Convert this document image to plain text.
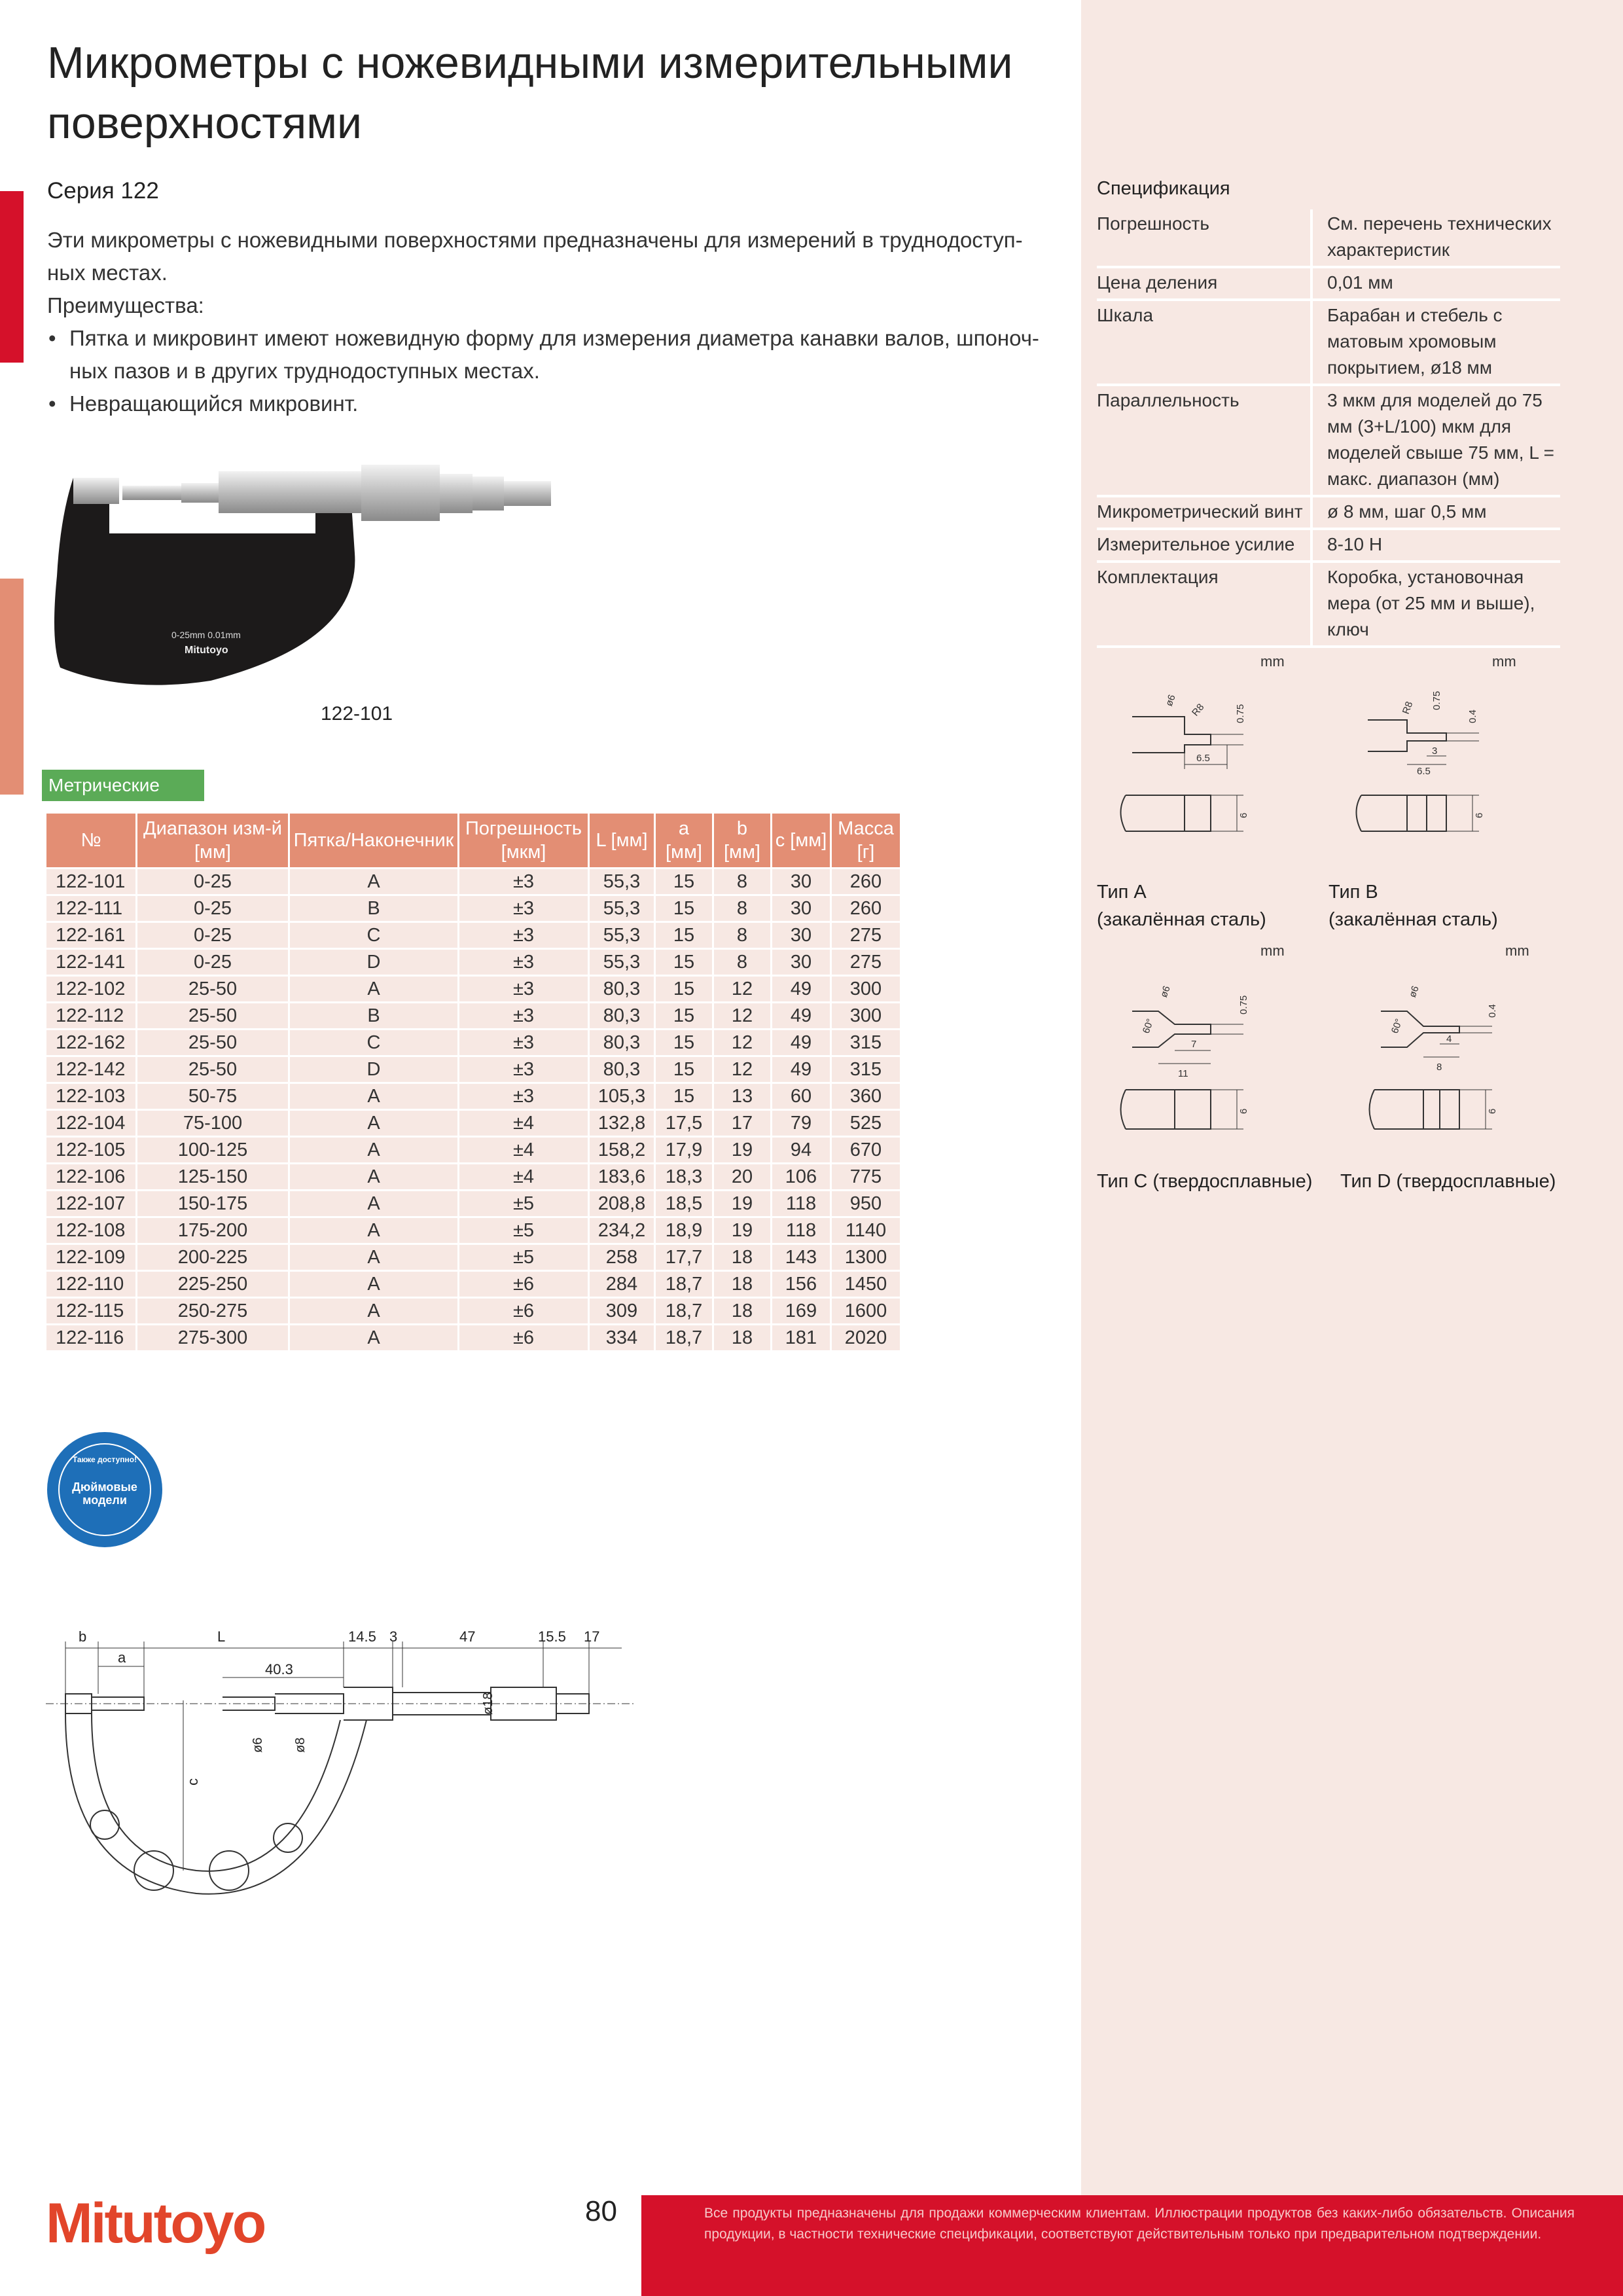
Микрометры с ножевидными измерительными поверхностями
Серия 122

Эти микрометры с ножевидными поверхностями предназначены для измерений в труднодоступ-ных местах.

Преимущества:

• Пятка и микровинт имеют ножевидную форму для измерения диаметра канавки валов, шпоноч-ных пазов и в других труднодоступных местах.
• Невращающийся микровинт.
0-25mm 0.01mm
Mitutoyo
122-101
Метрические
№	Диапазон изм-й [мм]	Пятка/Наконечник	Погрешность [мкм]	L [мм]	a [мм]	b [мм]	c [мм]	Масса [г]
122-101	0-25	A	±3	55,3	15	8	30	260
122-111	0-25	B	±3	55,3	15	8	30	260
122-161	0-25	C	±3	55,3	15	8	30	275
122-141	0-25	D	±3	55,3	15	8	30	275
122-102	25-50	A	±3	80,3	15	12	49	300
122-112	25-50	B	±3	80,3	15	12	49	300
122-162	25-50	C	±3	80,3	15	12	49	315
122-142	25-50	D	±3	80,3	15	12	49	315
122-103	50-75	A	±3	105,3	15	13	60	360
122-104	75-100	A	±4	132,8	17,5	17	79	525
122-105	100-125	A	±4	158,2	17,9	19	94	670
122-106	125-150	A	±4	183,6	18,3	20	106	775
122-107	150-175	A	±5	208,8	18,5	19	118	950
122-108	175-200	A	±5	234,2	18,9	19	118	1140
122-109	200-225	A	±5	258	17,7	18	143	1300
122-110	225-250	A	±6	284	18,7	18	156	1450
122-115	250-275	A	±6	309	18,7	18	169	1600
122-116	275-300	A	±6	334	18,7	18	181	2020
Также доступно!
Дюймовые модели
Спецификация
Погрешность	См. перечень технических характеристик
Цена деления	0,01 мм
Шкала	Барабан и стебель с матовым хромовым покрытием, ø18 мм
Параллельность	3 мкм для моделей до 75 мм (3+L/100) мкм для моделей свыше 75 мм, L = макс. диапазон (мм)
Микрометрический винт	ø 8 мм, шаг 0,5 мм
Измерительное усилие	8-10 Н
Комплектация	Коробка, установочная мера (от 25 мм и выше), ключ
mm	mm
mm	mm
ø6
R8	0.75
6.5
6
R8 0.75
0.4
3
6.5
6
Тип A
(закалённая сталь)
Тип B
(закалённая сталь)
ø6
60°
0.75
7
11
6
ø6
60°
0.4
4
8
6
Тип C (твердосплавные) Тип D (твердосплавные)
b
a
L
40.3
14.5 3	47	15.5 17
c
ø6 ø8
ø18
Mitutoyo	80	Все продукты предназначены для продажи коммерческим клиентам. Иллюстрации продуктов без каких-либо обязательств. Описания продукции, в частности технические спецификации, соответствуют действительным только при предварительном подтверждении.
